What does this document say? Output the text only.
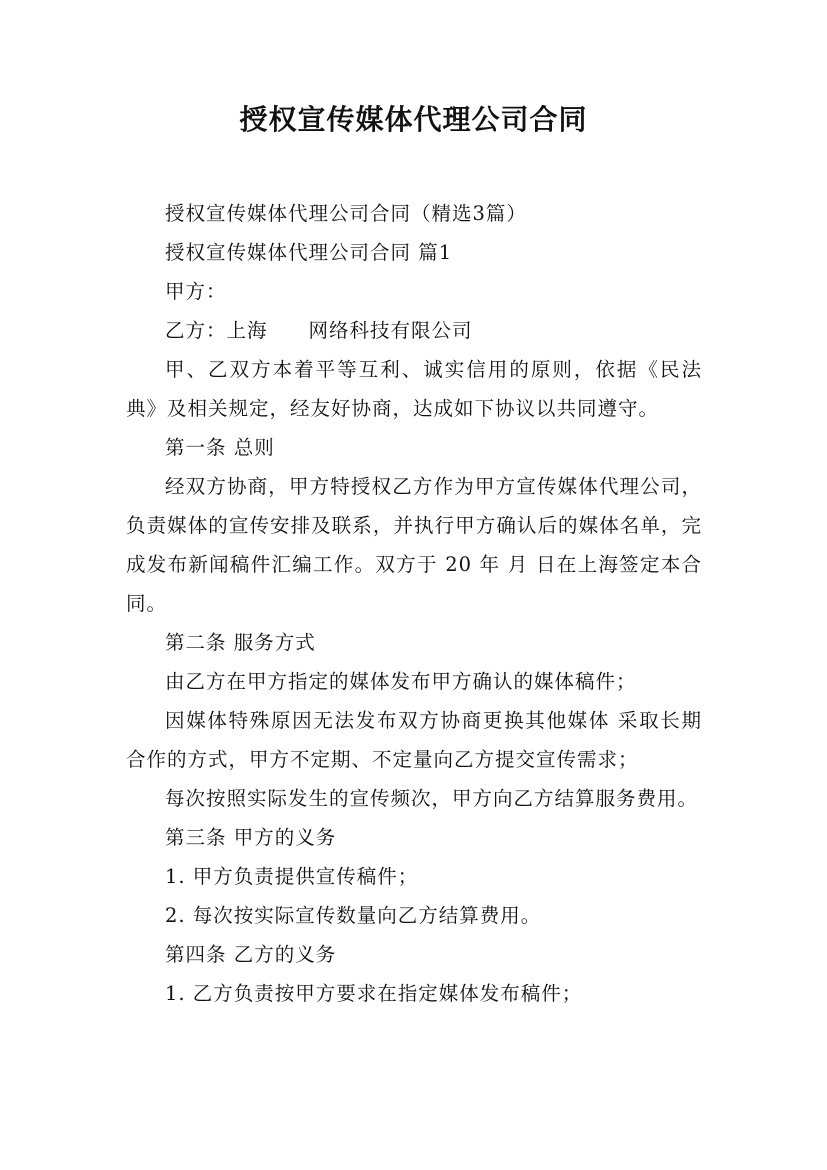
授权宣传媒体代理公司合同

授权宣传媒体代理公司合同（精选3篇）

授权宣传媒体代理公司合同 篇1

甲方：

乙方：上海　　网络科技有限公司

甲、乙双方本着平等互利、诚实信用的原则，依据《民法典》及相关规定，经友好协商，达成如下协议以共同遵守。

第一条 总则

经双方协商，甲方特授权乙方作为甲方宣传媒体代理公司，负责媒体的宣传安排及联系，并执行甲方确认后的媒体名单，完成发布新闻稿件汇编工作。双方于 20 年 月 日在上海签定本合同。

第二条 服务方式

由乙方在甲方指定的媒体发布甲方确认的媒体稿件；

因媒体特殊原因无法发布双方协商更换其他媒体 采取长期合作的方式，甲方不定期、不定量向乙方提交宣传需求；

每次按照实际发生的宣传频次，甲方向乙方结算服务费用。

第三条 甲方的义务

1. 甲方负责提供宣传稿件；

2. 每次按实际宣传数量向乙方结算费用。

第四条 乙方的义务

1. 乙方负责按甲方要求在指定媒体发布稿件；
